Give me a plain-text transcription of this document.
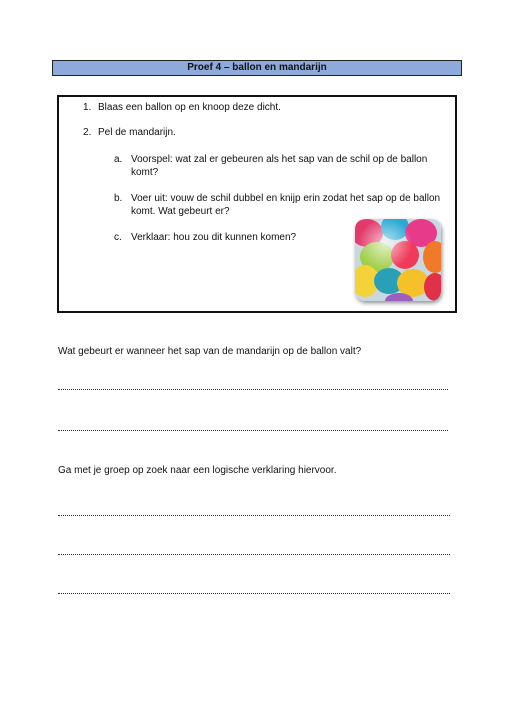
Proef 4 – ballon en mandarijn
1. Blaas een ballon op en knoop deze dicht.
2. Pel de mandarijn.
a. Voorspel: wat zal er gebeuren als het sap van de schil op de ballon komt?
b. Voer uit: vouw de schil dubbel en knijp erin zodat het sap op de ballon komt. Wat gebeurt er?
c. Verklaar: hou zou dit kunnen komen?
Wat gebeurt er wanneer het sap van de mandarijn op de ballon valt?
Ga met je groep op zoek naar een logische verklaring hiervoor.
